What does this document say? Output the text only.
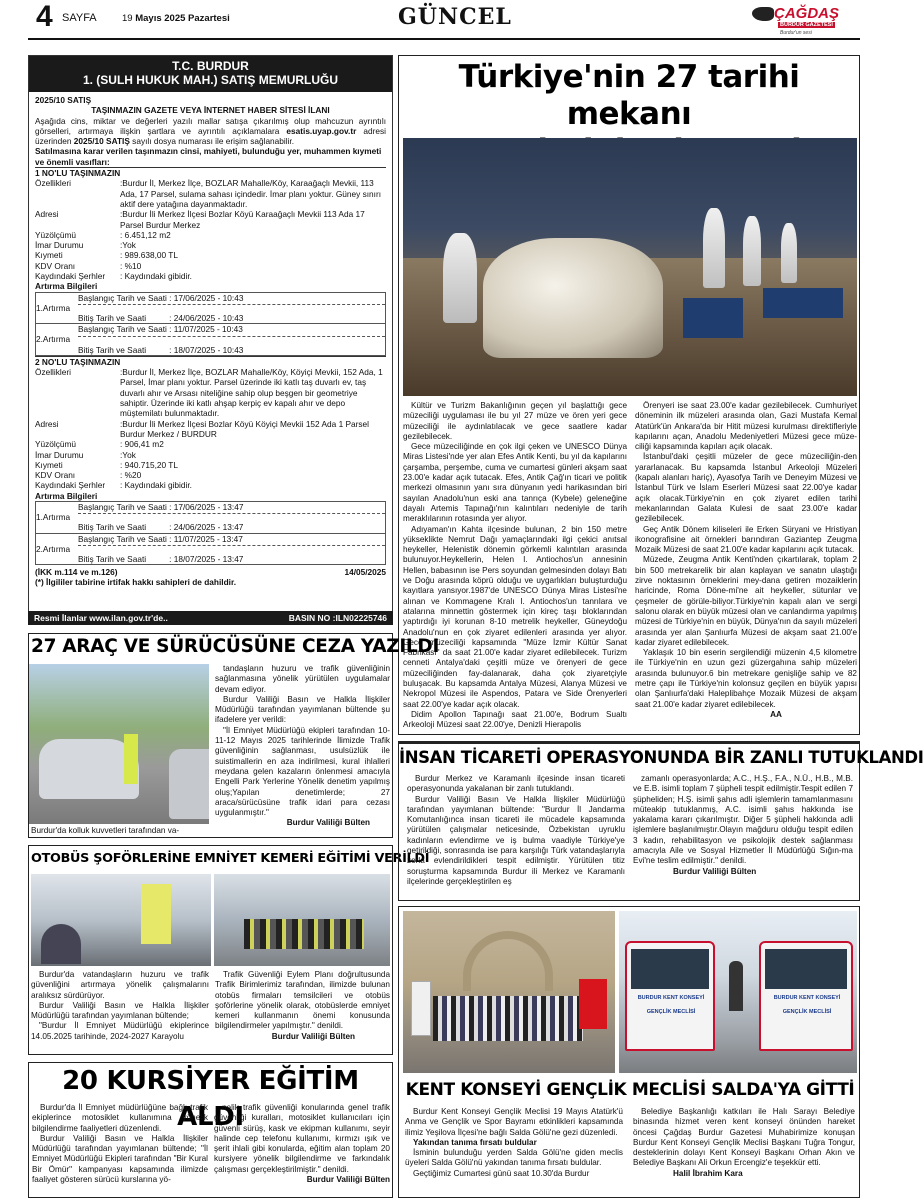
4 SAYFA	19 Mayıs 2025 Pazartesi	GÜNCEL	ÇAĞDAŞ
BURDUR GAZETESİ
Burdur'un sesi
T.C. BURDUR
1. (SULH HUKUK MAH.) SATIŞ MEMURLUĞU
2025/10 SATIŞ
TAŞINMAZIN GAZETE VEYA İNTERNET HABER SİTESİ İLANI
Aşağıda cins, miktar ve değerleri yazılı mallar satışa çıkarılmış olup mahcuzun ayrıntılı görselleri, artırmaya ilişkin şartlara ve ayrıntılı açıklamalara esatis.uyap.gov.tr adresi üzerinden 2025/10 SATIŞ sayılı dosya numarası ile erişim sağlanabilir.
Satılmasına karar verilen taşınmazın cinsi, mahiyeti, bulunduğu yer, muhammen kıymeti ve önemli vasıfları:
1 NO'LU TAŞINMAZIN
Özellikleri	:Burdur İl, Merkez İlçe, BOZLAR Mahalle/Köy, Karaağaçlı Mevkii, 113 Ada, 17 Parsel, sulama sahası içindedir. İmar planı yoktur. Güney sınırı aktif dere yatağına dayanmaktadır.
Adresi	:Burdur İli Merkez İlçesi Bozlar Köyü Karaağaçlı Mevkii 113 Ada 17 Parsel Burdur Merkez
Yüzölçümü	: 6.451,12 m2
İmar Durumu	:Yok
Kıymeti	: 989.638,00 TL
KDV Oranı	: %10
Kaydındaki Şerhler	: Kaydındaki gibidir.
Artırma Bilgileri
1.Artırma
Başlangıç Tarih ve Saati : 17/06/2025 - 10:43
Bitiş Tarih ve Saati          : 24/06/2025 - 10:43
2.Artırma
Başlangıç Tarih ve Saati : 11/07/2025 - 10:43
Bitiş Tarih ve Saati          : 18/07/2025 - 10:43
2 NO'LU TAŞINMAZIN
Özellikleri	:Burdur İl, Merkez İlçe, BOZLAR Mahalle/Köy, Köyiçi Mevkii, 152 Ada, 1 Parsel, İmar planı yoktur. Parsel üzerinde iki katlı taş duvarlı ev, taş duvarlı ahır ve Arsası niteliğine sahip olup beşgen bir geometriye sahiptir. Üzerinde iki katlı ahşap kerpiç ev kapalı ahır ve depo müştemilatı bulunmaktadır.
Adresi	:Burdur İli Merkez İlçesi Bozlar Köyü Köyiçi Mevkii 152 Ada 1 Parsel Burdur Merkez / BURDUR
Yüzölçümü	: 906,41 m2
İmar Durumu	:Yok
Kıymeti	: 940.715,20 TL
KDV Oranı	: %20
Kaydındaki Şerhler	: Kaydındaki gibidir.
Artırma Bilgileri
1.Artırma
Başlangıç Tarih ve Saati : 17/06/2025 - 13:47
Bitiş Tarih ve Saati          : 24/06/2025 - 13:47
2.Artırma
Başlangıç Tarih ve Saati : 11/07/2025 - 13:47
Bitiş Tarih ve Saati          : 18/07/2025 - 13:47
(İKK m.114 ve m.126)	14/05/2025
(*) İlgililer tabirine irtifak hakkı sahipleri de dahildir.
Resmi İlanlar www.ilan.gov.tr'de..	BASIN NO :ILN02225746
Türkiye'nin 27 tarihi mekanı

Kültür ve Turizm Bakanlığının geçen yıl başlattığı gece müzeciliği uygulaması ile bu yıl 27 müze ve ören yeri gece müzeciliği ile aydınlatılacak ve gece saatlere kadar gezilebilecek.

Gece müzeciliğinde en çok ilgi çeken ve UNESCO Dünya Miras Listesi'nde yer alan Efes Antik Kenti, bu yıl da kapılarını çarşamba, perşembe, cuma ve cumartesi günleri akşam saat 23.00'e kadar açık tutacak. Efes, Antik Çağ'ın ticari ve politik merkezi olmasının yanı sıra dünyanın yedi harikasından biri sayılan Anadolu'nun eski ana tanrıça (Kybele) geleneğine dayalı Artemis Tapınağı'nın kalıntıları nedeniyle de tarih meraklılarının rotasında yer alıyor.

Adıyaman'ın Kahta ilçesinde bulunan, 2 bin 150 metre yükseklikte Nemrut Dağı yamaçlarındaki ilgi çekici anıtsal heykeller, Helenistik dönemin görkemli kalıntıları arasında bulunuyor.Heykellerin, Helen I. Antiochos'un annesinin Hellen, babasının ise Pers soyundan gelmesinden dolayı Batı ve Doğu arasında köprü olduğu ve uygarlıkları buluşturduğu kayıtlara yansıyor.1987'de UNESCO Dünya Miras Listesi'ne alınan ve Kommagene Kralı I. Antiochos'un tanrılara ve atalarına minnettin göstermek için kireç taşı bloklarından yaptırdığı iyi korunan 8-10 metrelik heykeller, Güneydoğu Anadolu'nun en çok ziyaret edilenleri arasında yer alıyor. Gece müzeciliği kapsamında "Müze İzmir Kültür Sanat Fabrikası" da saat 21.00'e kadar ziyaret edilebilecek. Turizm cenneti Antalya'daki çeşitli müze ve örenyeri de gece müzeciliğinden fay-dalanarak, daha çok ziyaretçiyle buluşacak. Bu kapsamda Antalya Müzesi, Alanya Müzesi ve Nekropol Müzesi ile Aspendos, Patara ve Side Örenyerleri saat 22.00'ye kadar açık olacak.

Didim Apollon Tapınağı saat 21.00'e, Bodrum Sualtı Arkeoloji Müzesi saat 22.00'ye, Denizli Hierapolis

Örenyeri ise saat 23.00'e kadar gezilebilecek. Cumhuriyet döneminin ilk müzeleri arasında olan, Gazi Mustafa Kemal Atatürk'ün Ankara'da bir Hitit müzesi kurulması direktifleriyle kapılarını açan, Anadolu Medeniyetleri Müzesi gece müze-ciliği kapsamında kapıları açık olacak.

İstanbul'daki çeşitli müzeler de gece müzeciliğin-den yararlanacak. Bu kapsamda İstanbul Arkeoloji Müzeleri (kapalı alanları hariç), Ayasofya Tarih ve Deneyim Müzesi ve İstanbul Türk ve İslam Eserleri Müzesi saat 22.00'ye kadar açık olacak.Türkiye'nin en çok ziyaret edilen tarihi mekanlarından Galata Kulesi de saat 23.00'e kadar gezilebilecek.

Geç Antik Dönem kiliseleri ile Erken Süryani ve Hristiyan ikonografisine ait örnekleri barındıran Gaziantep Zeugma Mozaik Müzesi de saat 21.00'e kadar kapılarını açık tutacak.

Müzede, Zeugma Antik Kenti'nden çıkartılarak, toplam 2 bin 500 metrekarelik bir alan kaplayan ve sanatın ulaştığı zirve noktasının örneklerini mey-dana getiren mozaiklerin haricinde, Roma Döne-mi'ne ait heykeller, sütunlar ve çeşmeler de görüle-biliyor.Türkiye'nin kapalı alan ve sergi salonu olarak en büyük müzesi olan ve canlandırma yapılmış müzesi de Türkiye'nin en büyük, Dünya'nın da sayılı müzeleri arasında yer alan Şanlıurfa Müzesi de akşam saat 21.00'e kadar ziyaret edilebilecek.

Yaklaşık 10 bin eserin sergilendiği müzenin 4,5 kilometre ile Türkiye'nin en uzun gezi güzergahına sahip müzeleri arasında bulunuyor.6 bin metrekare genişliğe sahip ve 82 metre çapı ile Türkiye'nin kolonsuz geçilen en büyük yapısı olan Şanlıurfa'daki Haleplibahçe Mozaik Müzesi de akşam saat 21.00'e kadar ziyaret edilebilecek.

AA
27 ARAÇ VE SÜRÜCÜSÜNE CEZA YAZILDI
Burdur'da kolluk kuvvetleri tarafından va-

tandaşların huzuru ve trafik güvenliğinin sağlanmasına yönelik yürütülen uygulamalar devam ediyor.

Burdur Valiliği Basın ve Halkla İlişkiler Müdürlüğü tarafından yayımlanan bültende şu ifadelere yer verildi:

"İl Emniyet Müdürlüğü ekipleri tarafından 10-11-12 Mayıs 2025 tarihlerinde İlimizde Trafik güvenliğinin sağlanması, usulsüzlük ile suistimallerin en aza indirilmesi, kural ihlalleri meydana gelen kazaların önlenmesi amacıyla Engelli Park Yerlerine Yönelik denetim yapılmış oluş;Yapılan denetimlerde; 27 araca/sürücüsüne trafik idari para cezası uygulanmıştır."

Burdur Valiliği Bülten
OTOBÜS ŞOFÖRLERİNE EMNİYET KEMERİ EĞİTİMİ VERİLDİ

Burdur'da vatandaşların huzuru ve trafik güvenliğini artırmaya yönelik çalışmalarını aralıksız sürdürüyor.

Burdur Valiliği Basın ve Halkla İlişkiler Müdürlüğü tarafından yayımlanan bültende;

"Burdur İl Emniyet Müdürlüğü ekiplerince 14.05.2025 tarihinde, 2024-2027 Karayolu

Trafik Güvenliği Eylem Planı doğrultusunda Trafik Birimlerimiz tarafından, ilimizde bulunan otobüs firmaları temsilcileri ve otobüs şoförlerine yönelik olarak, otobüslerde emniyet kemeri kullanmanın önemi konusunda bilgilendirmeler yapılmıştır." denildi.

Burdur Valiliği Bülten
20 KURSİYER EĞİTİM ALDI

Burdur'da İl Emniyet müdürlüğüne bağlı trafik ekiplerince motosiklet kullanımına yönelik bilgilendirme faaliyetleri düzenlendi.

Burdur Valiliği Basın ve Halkla İlişkiler Müdürlüğü tarafından yayımlanan bültende; "İl Emniyet Müdürlüğü Ekipleri tarafından "Bir Kural Bir Ömür" kampanyası kapsamında ilimizde faaliyet gösteren sürücü kurslarına yö-

nelik trafik güvenliği konularında genel trafik güvenliği kuralları, motosiklet kullanıcıları için güvenli sürüş, kask ve ekipman kullanımı, seyir halinde cep telefonu kullanımı, kırmızı ışık ve şerit ihlali gibi konularda, eğitim alan toplam 20 kursiyere yönelik bilgilendirme ve farkındalık çalışması gerçekleştirilmiştir." denildi.

Burdur Valiliği Bülten
İNSAN TİCARETİ OPERASYONUNDA BİR ZANLI TUTUKLANDI

Burdur Merkez ve Karamanlı ilçesinde insan ticareti operasyonunda yakalanan bir zanlı tutuklandı.

Burdur Valiliği Basın Ve Halkla İlişkiler Müdürlüğü tarafından yayımlanan bültende: "Burdur İl Jandarma Komutanlığınca insan ticareti ile mücadele kapsamında yürütülen çalışmalar neticesinde, Özbekistan uyruklu kadınların evlendirme ve iş bulma vaadiyle Türkiye'ye getirildiği, sonrasında ise para karşılığı Türk vatandaşlarıyla zorla evlendirildikleri tespit edilmiştir. Yürütülen titiz soruşturma kapsamında Burdur ili Merkez ve Karamanlı ilçelerinde gerçekleştirilen eş

zamanlı operasyonlarda; A.C., H.Ş., F.A., N.Ü., H.B., M.B. ve E.B. isimli toplam 7 şüpheli tespit edilmiştir.Tespit edilen 7 şüpheliden; H.Ş. isimli şahıs adli işlemlerin tamamlanmasını müteakip tutuklanmış, A.C. isimli şahıs hakkında ise yakalama kararı çıkarılmıştır. Diğer 5 şüpheli hakkında adli işlemlere başlanılmıştır.Olayın mağduru olduğu tespit edilen 3 kadın, rehabilitasyon ve psikolojik destek sağlanması amacıyla Aile ve Sosyal Hizmetler İl Müdürlüğü Sığın-ma Evi'ne teslim edilmiştir." denildi.

Burdur Valiliği Bülten
BURDUR KENT KONSEYİ
GENÇLİK MECLİSİ
BURDUR KENT KONSEYİ
GENÇLİK MECLİSİ
KENT KONSEYİ GENÇLİK MECLİSİ SALDA'YA GİTTİ

Burdur Kent Konseyi Gençlik Meclisi 19 Mayıs Atatürk'ü Anma ve Gençlik ve Spor Bayramı etkinlikleri kapsamında ilimiz Yeşilova İlçesi'ne bağlı Salda Gölü'ne gezi düzenledi.

Yakından tanıma fırsatı buldular

İsminin bulunduğu yerden Salda Gölü'ne giden meclis üyeleri Salda Gölü'nü yakından tanıma fırsatı buldular.

Geçtiğimiz Cumartesi günü saat 10.30'da Burdur

Belediye Başkanlığı katkıları ile Halı Sarayı Belediye binasında hizmet veren kent konseyi önünden hareket öncesi Çağdaş Burdur Gazetesi Muhabirimize konuşan Burdur Kent Konseyi Gençlik Meclisi Başkanı Tuğra Tongur, desteklerinin dolayı Kent Konseyi Başkanı Orhan Akın ve Belediye Başkanı Ali Orkun Ercengiz'e teşekkür etti.

Halil İbrahim Kara
